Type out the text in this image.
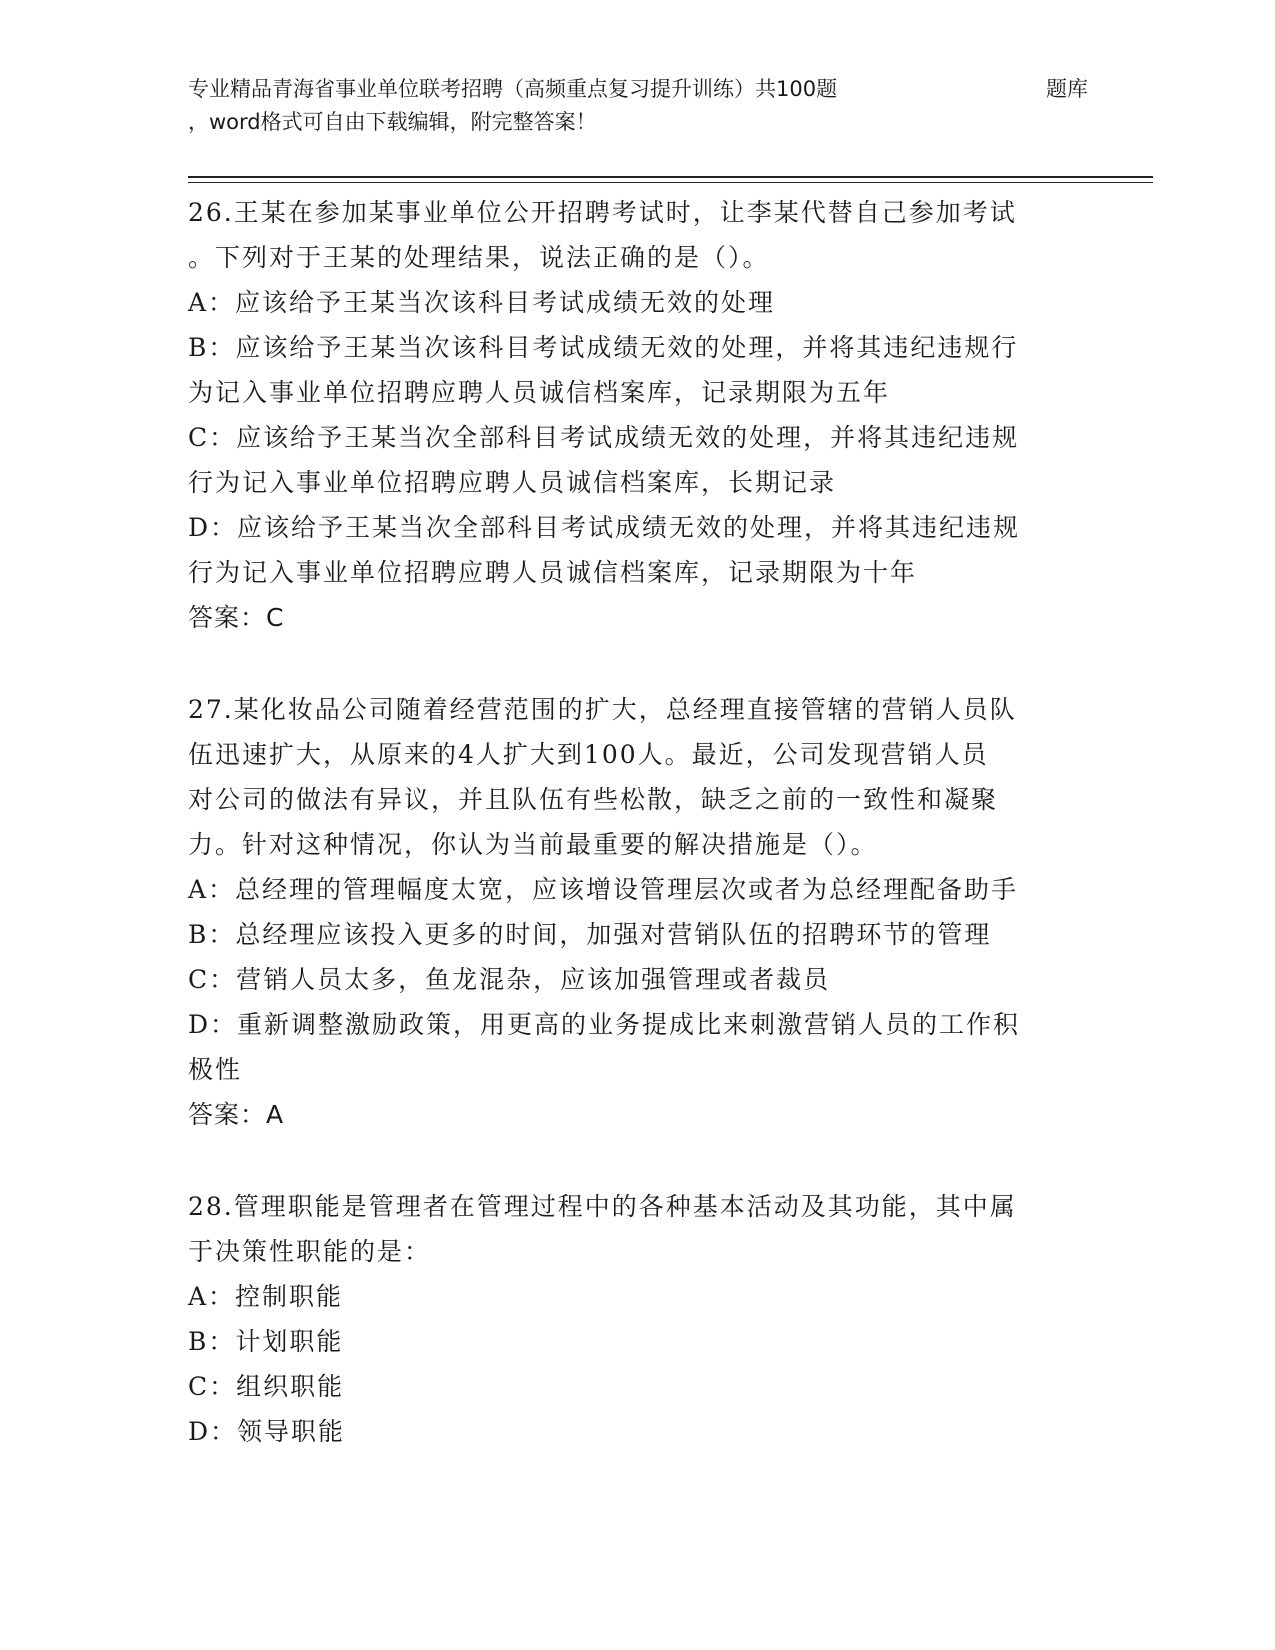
专业精品青海省事业单位联考招聘（高频重点复习提升训练）共100题	题库
，word格式可自由下载编辑，附完整答案！
26.王某在参加某事业单位公开招聘考试时，让李某代替自己参加考试
。下列对于王某的处理结果，说法正确的是（）。
A：应该给予王某当次该科目考试成绩无效的处理
B：应该给予王某当次该科目考试成绩无效的处理，并将其违纪违规行
为记入事业单位招聘应聘人员诚信档案库，记录期限为五年
C：应该给予王某当次全部科目考试成绩无效的处理，并将其违纪违规
行为记入事业单位招聘应聘人员诚信档案库，长期记录
D：应该给予王某当次全部科目考试成绩无效的处理，并将其违纪违规
行为记入事业单位招聘应聘人员诚信档案库，记录期限为十年
答案：C
27.某化妆品公司随着经营范围的扩大，总经理直接管辖的营销人员队
伍迅速扩大，从原来的4人扩大到100人。最近，公司发现营销人员
对公司的做法有异议，并且队伍有些松散，缺乏之前的一致性和凝聚
力。针对这种情况，你认为当前最重要的解决措施是（）。
A：总经理的管理幅度太宽，应该增设管理层次或者为总经理配备助手
B：总经理应该投入更多的时间，加强对营销队伍的招聘环节的管理
C：营销人员太多，鱼龙混杂，应该加强管理或者裁员
D：重新调整激励政策，用更高的业务提成比来刺激营销人员的工作积
极性
答案：A
28.管理职能是管理者在管理过程中的各种基本活动及其功能，其中属
于决策性职能的是：
A：控制职能
B：计划职能
C：组织职能
D：领导职能
